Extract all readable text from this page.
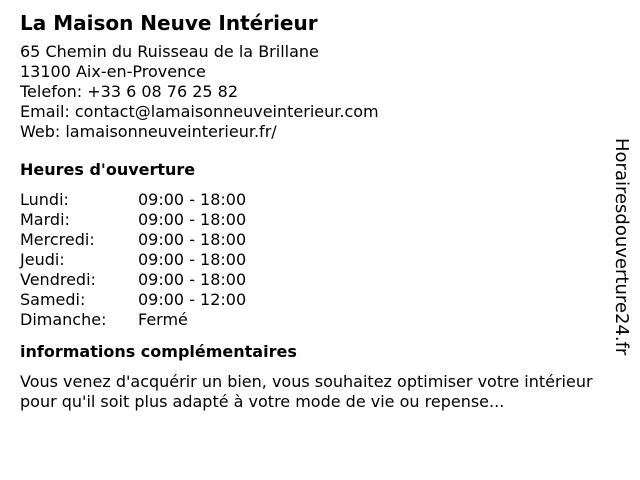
La Maison Neuve Intérieur
65 Chemin du Ruisseau de la Brillane
13100 Aix-en-Provence
Telefon: +33 6 08 76 25 82
Email: contact@lamaisonneuveinterieur.com
Web: lamaisonneuveinterieur.fr/
Heures d'ouverture
Lundi:	09:00 - 18:00
Mardi:	09:00 - 18:00
Mercredi:	09:00 - 18:00
Jeudi:	09:00 - 18:00
Vendredi:	09:00 - 18:00
Samedi:	09:00 - 12:00
Dimanche:	Fermé
informations complémentaires
Vous venez d'acquérir un bien, vous souhaitez optimiser votre intérieur pour qu'il soit plus adapté à votre mode de vie ou repense...
Horairesdouverture24.fr
